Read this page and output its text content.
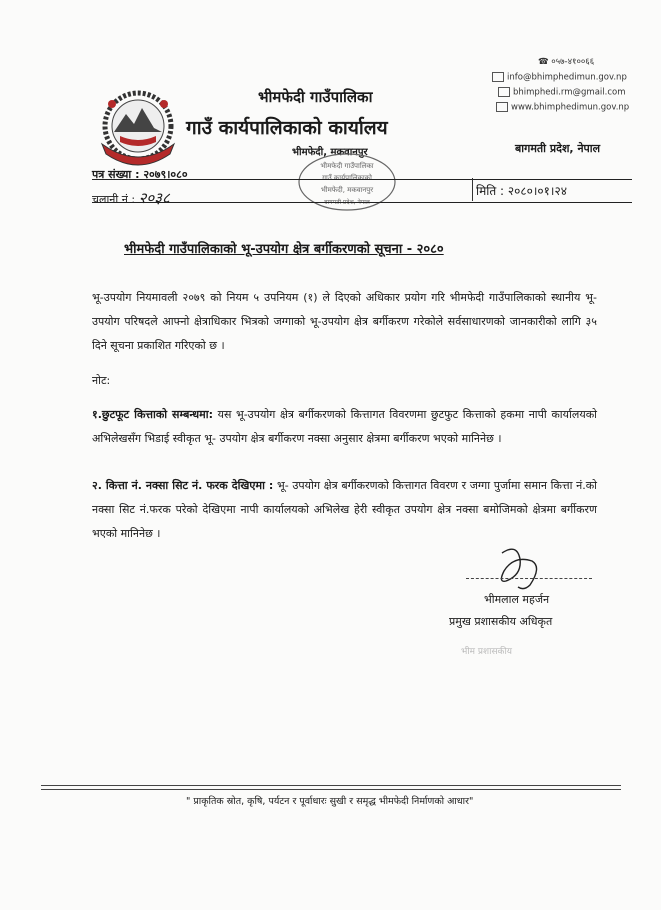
भीमफेदी गाउँपालिका
गाउँ कार्यपालिकाको कार्यालय
भीमफेदी, मकवानपुर
☎ ०५७-४१००६६
info@bhimphedimun.gov.np
bhimphedi.rm@gmail.com
www.bhimphedimun.gov.np
बागमती प्रदेश, नेपाल
भीमफेदी गाउँपालिका
गाउँ कार्यपालिकाको
भीमफेदी, मकवानपुर
बागमती प्रदेश, नेपाल
पत्र संख्या : २०७९।०८०
चलानी नं : २०३८	मिति : २०८०।०१।२४
भीमफेदी गाउँपालिकाको भू-उपयोग क्षेत्र बर्गीकरणको सूचना - २०८०
भू-उपयोग नियमावली २०७९ को नियम ५ उपनियम (१) ले दिएको अधिकार प्रयोग गरि भीमफेदी गाउँपालिकाको स्थानीय भू-उपयोग परिषदले आफ्नो क्षेत्राधिकार भित्रको जग्गाको भू-उपयोग क्षेत्र बर्गीकरण गरेकोले सर्वसाधारणको जानकारीको लागि ३५ दिने सूचना प्रकाशित गरिएको छ ।
नोट:
१.छुटफूट कित्ताको सम्बन्धमा: यस भू-उपयोग क्षेत्र बर्गीकरणको कित्तागत विवरणमा छुटफुट कित्ताको हकमा नापी कार्यालयको अभिलेखसँग भिडाई स्वीकृत भू- उपयोग क्षेत्र बर्गीकरण नक्सा अनुसार क्षेत्रमा बर्गीकरण भएको मानिनेछ ।
२. कित्ता नं. नक्सा सिट नं. फरक देखिएमा : भू- उपयोग क्षेत्र बर्गीकरणको कित्तागत विवरण र जग्गा पुर्जामा समान कित्ता नं.को नक्सा सिट नं.फरक परेको देखिएमा नापी कार्यालयको अभिलेख हेरी स्वीकृत उपयोग क्षेत्र नक्सा बमोजिमको क्षेत्रमा बर्गीकरण भएको मानिनेछ ।
भीमलाल महर्जन
प्रमुख प्रशासकीय अधिकृत
भीम प्रशासकीय
" प्राकृतिक स्रोत, कृषि, पर्यटन र पूर्वाधारः सुखी र समृद्ध भीमफेदी निर्माणको आधार"
